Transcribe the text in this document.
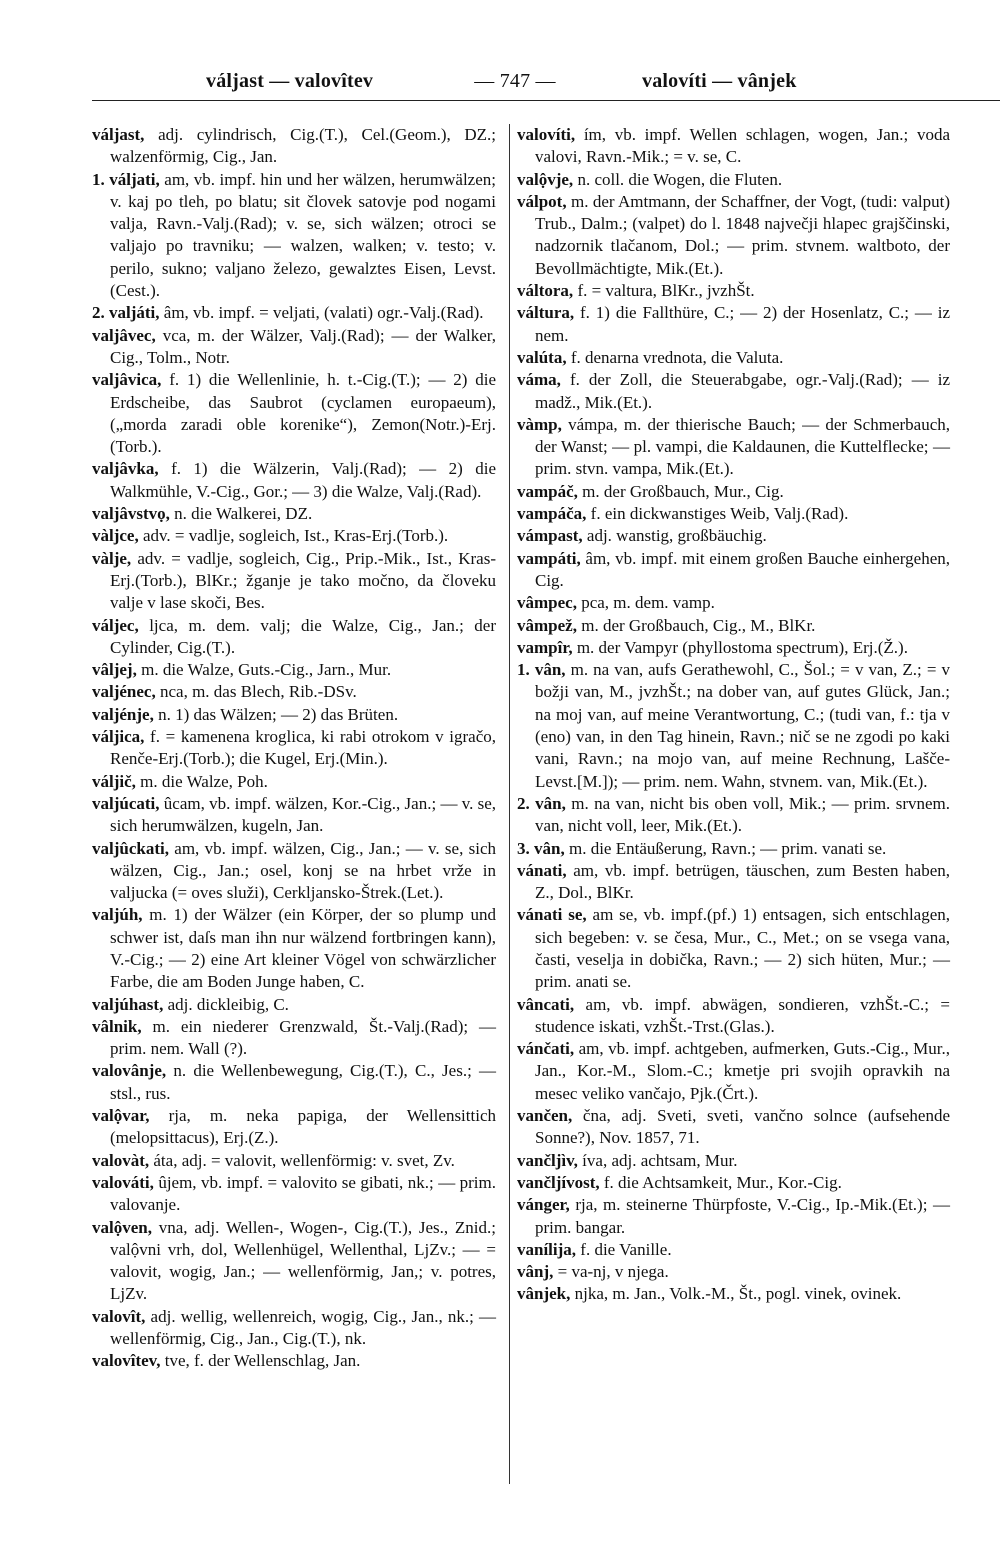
váljast — valovîtev	— 747 —	valovíti — vânjek

váljast, adj. cylindrisch, Cig.(T.), Cel.(Geom.), DZ.; walzenförmig, Cig., Jan.

1. váljati, am, vb. impf. hin und her wälzen, herumwälzen; v. kaj po tleh, po blatu; sit človek satovje pod nogami valja, Ravn.-Valj.(Rad); v. se, sich wälzen; otroci se valjajo po travniku; — walzen, walken; v. testo; v. perilo, sukno; valjano železo, gewalztes Eisen, Levst.(Cest.).

2. valjáti, âm, vb. impf. = veljati, (valati) ogr.-Valj.(Rad).

valjâvec, vca, m. der Wälzer, Valj.(Rad); — der Walker, Cig., Tolm., Notr.

valjâvica, f. 1) die Wellenlinie, h. t.-Cig.(T.); — 2) die Erdscheibe, das Saubrot (cyclamen europaeum), („morda zaradi oble korenike“), Zemon(Notr.)-Erj.(Torb.).

valjâvka, f. 1) die Wälzerin, Valj.(Rad); — 2) die Walkmühle, V.-Cig., Gor.; — 3) die Walze, Valj.(Rad).

valjâvstvọ, n. die Walkerei, DZ.

vàljce, adv. = vadlje, sogleich, Ist., Kras-Erj.(Torb.).

vàlje, adv. = vadlje, sogleich, Cig., Prip.-Mik., Ist., Kras-Erj.(Torb.), BlKr.; žganje je tako močno, da človeku valje v lase skoči, Bes.

váljec, ljca, m. dem. valj; die Walze, Cig., Jan.; der Cylinder, Cig.(T.).

vâljej, m. die Walze, Guts.-Cig., Jarn., Mur.

valjénec, nca, m. das Blech, Rib.-DSv.

valjénje, n. 1) das Wälzen; — 2) das Brüten.

váljica, f. = kamenena kroglica, ki rabi otrokom v igračo, Renče-Erj.(Torb.); die Kugel, Erj.(Min.).

váljič, m. die Walze, Poh.

valjúcati, ûcam, vb. impf. wälzen, Kor.-Cig., Jan.; — v. se, sich herumwälzen, kugeln, Jan.

valjûckati, am, vb. impf. wälzen, Cig., Jan.; — v. se, sich wälzen, Cig., Jan.; osel, konj se na hrbet vrže in valjucka (= oves služi), Cerkljansko-Štrek.(Let.).

valjúh, m. 1) der Wälzer (ein Körper, der so plump und schwer ist, daſs man ihn nur wälzend fortbringen kann), V.-Cig.; — 2) eine Art kleiner Vögel von schwärzlicher Farbe, die am Boden Junge haben, C.

valjúhast, adj. dickleibig, C.

vâlnik, m. ein niederer Grenzwald, Št.-Valj.(Rad); — prim. nem. Wall (?).

valovânje, n. die Wellenbewegung, Cig.(T.), C., Jes.; — stsl., rus.

valộvar, rja, m. neka papiga, der Wellensittich (melopsittacus), Erj.(Z.).

valovàt, áta, adj. = valovit, wellenförmig: v. svet, Zv.

valováti, ûjem, vb. impf. = valovito se gibati, nk.; — prim. valovanje.

valộven, vna, adj. Wellen-, Wogen-, Cig.(T.), Jes., Znid.; valộvni vrh, dol, Wellenhügel, Wellenthal, LjZv.; — = valovit, wogig, Jan.; — wellenförmig, Jan,; v. potres, LjZv.

valovît, adj. wellig, wellenreich, wogig, Cig., Jan., nk.; — wellenförmig, Cig., Jan., Cig.(T.), nk.

valovîtev, tve, f. der Wellenschlag, Jan.

valovíti, ím, vb. impf. Wellen schlagen, wogen, Jan.; voda valovi, Ravn.-Mik.; = v. se, C.

valộvje, n. coll. die Wogen, die Fluten.

válpot, m. der Amtmann, der Schaffner, der Vogt, (tudi: valput) Trub., Dalm.; (valpet) do l. 1848 največji hlapec grajščinski, nadzornik tlačanom, Dol.; — prim. stvnem. waltboto, der Bevollmächtigte, Mik.(Et.).

váltora, f. = valtura, BlKr., jvzhŠt.

váltura, f. 1) die Fallthüre, C.; — 2) der Hosenlatz, C.; — iz nem.

valúta, f. denarna vrednota, die Valuta.

váma, f. der Zoll, die Steuerabgabe, ogr.-Valj.(Rad); — iz madž., Mik.(Et.).

vàmp, vámpa, m. der thierische Bauch; — der Schmerbauch, der Wanst; — pl. vampi, die Kaldaunen, die Kuttelflecke; — prim. stvn. vampa, Mik.(Et.).

vampáč, m. der Großbauch, Mur., Cig.

vampáča, f. ein dickwanstiges Weib, Valj.(Rad).

vámpast, adj. wanstig, großbäuchig.

vampáti, âm, vb. impf. mit einem großen Bauche einhergehen, Cig.

vâmpec, pca, m. dem. vamp.

vâmpež, m. der Großbauch, Cig., M., BlKr.

vampîr, m. der Vampyr (phyllostoma spectrum), Erj.(Ž.).

1. vân, m. na van, aufs Gerathewohl, C., Šol.; = v van, Z.; = v božji van, M., jvzhŠt.; na dober van, auf gutes Glück, Jan.; na moj van, auf meine Verantwortung, C.; (tudi van, f.: tja v (eno) van, in den Tag hinein, Ravn.; nič se ne zgodi po kaki vani, Ravn.; na mojo van, auf meine Rechnung, Lašče-Levst.[M.]); — prim. nem. Wahn, stvnem. van, Mik.(Et.).

2. vân, m. na van, nicht bis oben voll, Mik.; — prim. srvnem. van, nicht voll, leer, Mik.(Et.).

3. vân, m. die Entäußerung, Ravn.; — prim. vanati se.

vánati, am, vb. impf. betrügen, täuschen, zum Besten haben, Z., Dol., BlKr.

vánati se, am se, vb. impf.(pf.) 1) entsagen, sich entschlagen, sich begeben: v. se česa, Mur., C., Met.; on se vsega vana, časti, veselja in dobička, Ravn.; — 2) sich hüten, Mur.; — prim. anati se.

vâncati, am, vb. impf. abwägen, sondieren, vzhŠt.-C.; = studence iskati, vzhŠt.-Trst.(Glas.).

vánčati, am, vb. impf. achtgeben, aufmerken, Guts.-Cig., Mur., Jan., Kor.-M., Slom.-C.; kmetje pri svojih opravkih na mesec veliko vančajo, Pjk.(Črt.).

vančen, čna, adj. Sveti, sveti, vančno solnce (aufsehende Sonne?), Nov. 1857, 71.

vančljìv, íva, adj. achtsam, Mur.

vančljívost, f. die Achtsamkeit, Mur., Kor.-Cig.

vánger, rja, m. steinerne Thürpfoste, V.-Cig., Ip.-Mik.(Et.); — prim. bangar.

vanílija, f. die Vanille.

vânj, = va-nj, v njega.

vânjek, njka, m. Jan., Volk.-M., Št., pogl. vinek, ovinek.
